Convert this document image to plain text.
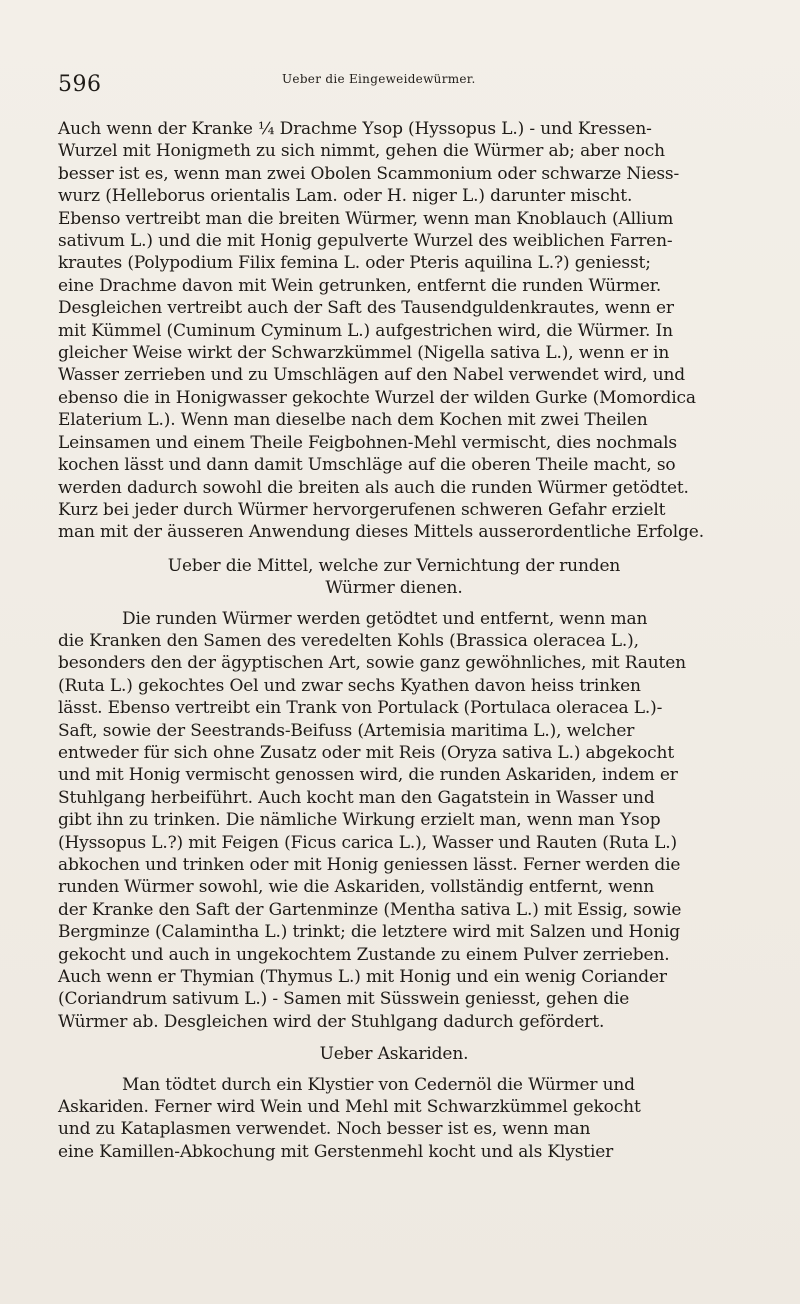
596	Ueber die Eingeweidewürmer.
Auch wenn der Kranke ¼ Drachme Ysop (Hyssopus L.) - und Kressen-
Wurzel mit Honigmeth zu sich nimmt, gehen die Würmer ab; aber noch
besser ist es, wenn man zwei Obolen Scammonium oder schwarze Niess-
wurz (Helleborus orientalis Lam. oder H. niger L.) darunter mischt.
Ebenso vertreibt man die breiten Würmer, wenn man Knoblauch (Allium
sativum L.) und die mit Honig gepulverte Wurzel des weiblichen Farren-
krautes (Polypodium Filix femina L. oder Pteris aquilina L.?) geniesst;
eine Drachme davon mit Wein getrunken, entfernt die runden Würmer.
Desgleichen vertreibt auch der Saft des Tausendguldenkrautes, wenn er
mit Kümmel (Cuminum Cyminum L.) aufgestrichen wird, die Würmer. In
gleicher Weise wirkt der Schwarzkümmel (Nigella sativa L.), wenn er in
Wasser zerrieben und zu Umschlägen auf den Nabel verwendet wird, und
ebenso die in Honigwasser gekochte Wurzel der wilden Gurke (Momordica
Elaterium L.). Wenn man dieselbe nach dem Kochen mit zwei Theilen
Leinsamen und einem Theile Feigbohnen-Mehl vermischt, dies nochmals
kochen lässt und dann damit Umschläge auf die oberen Theile macht, so
werden dadurch sowohl die breiten als auch die runden Würmer getödtet.
Kurz bei jeder durch Würmer hervorgerufenen schweren Gefahr erzielt
man mit der äusseren Anwendung dieses Mittels ausserordentliche Erfolge.
Ueber die Mittel, welche zur Vernichtung der runden
Würmer dienen.
Die runden Würmer werden getödtet und entfernt, wenn man
die Kranken den Samen des veredelten Kohls (Brassica oleracea L.),
besonders den der ägyptischen Art, sowie ganz gewöhnliches, mit Rauten
(Ruta L.) gekochtes Oel und zwar sechs Kyathen davon heiss trinken
lässt. Ebenso vertreibt ein Trank von Portulack (Portulaca oleracea L.)-
Saft, sowie der Seestrands-Beifuss (Artemisia maritima L.), welcher
entweder für sich ohne Zusatz oder mit Reis (Oryza sativa L.) abgekocht
und mit Honig vermischt genossen wird, die runden Askariden, indem er
Stuhlgang herbeiführt. Auch kocht man den Gagatstein in Wasser und
gibt ihn zu trinken. Die nämliche Wirkung erzielt man, wenn man Ysop
(Hyssopus L.?) mit Feigen (Ficus carica L.), Wasser und Rauten (Ruta L.)
abkochen und trinken oder mit Honig geniessen lässt. Ferner werden die
runden Würmer sowohl, wie die Askariden, vollständig entfernt, wenn
der Kranke den Saft der Gartenminze (Mentha sativa L.) mit Essig, sowie
Bergminze (Calamintha L.) trinkt; die letztere wird mit Salzen und Honig
gekocht und auch in ungekochtem Zustande zu einem Pulver zerrieben.
Auch wenn er Thymian (Thymus L.) mit Honig und ein wenig Coriander
(Coriandrum sativum L.) - Samen mit Süsswein geniesst, gehen die
Würmer ab. Desgleichen wird der Stuhlgang dadurch gefördert.
Ueber Askariden.
Man tödtet durch ein Klystier von Cedernöl die Würmer und
Askariden. Ferner wird Wein und Mehl mit Schwarzkümmel gekocht
und zu Kataplasmen verwendet. Noch besser ist es, wenn man
eine Kamillen-Abkochung mit Gerstenmehl kocht und als Klystier
